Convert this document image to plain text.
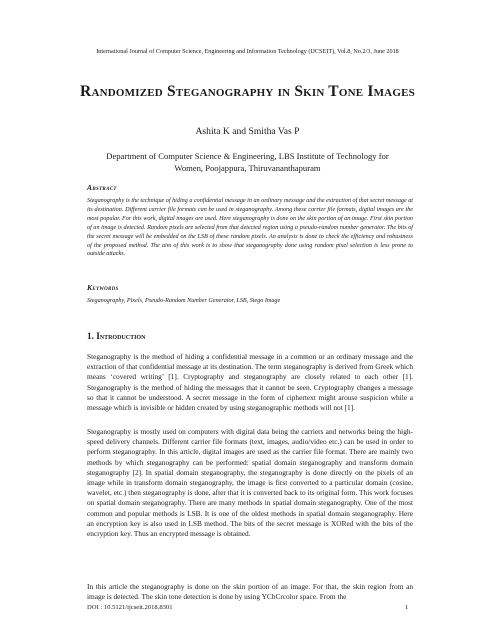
International Journal of Computer Science, Engineering and Information Technology (IJCSEIT), Vol.8, No.2/3, June 2018
Randomized Steganography in Skin Tone Images
Ashita K and Smitha Vas P
Department of Computer Science & Engineering, LBS Institute of Technology for Women, Poojappura, Thiruvananthapuram
Abstract
Steganography is the technique of hiding a confidential message in an ordinary message and the extraction of that secret message at its destination. Different carrier file formats can be used in steganography. Among these carrier file formats, digital images are the most popular. For this work, digital images are used. Here steganography is done on the skin portion of an image. First skin portion of an image is detected. Random pixels are selected from that detected region using a pseudo-random number generator. The bits of the secret message will be embedded on the LSB of these random pixels. An analysis is done to check the efficiency and robustness of the proposed method. The aim of this work is to show that steganography done using random pixel selection is less prone to outside attacks.
Keywords
Steganography, Pixels, Pseudo-Random Number Generator, LSB, Stego Image
1. Introduction
Steganography is the method of hiding a confidential message in a common or an ordinary message and the extraction of that confidential message at its destination. The term steganography is derived from Greek which means ‘covered writing’ [1]. Cryptography and steganography are closely related to each other [1]. Steganography is the method of hiding the messages that it cannot be seen. Cryptography changes a message so that it cannot be understood. A secret message in the form of ciphertext might arouse suspicion while a message which is invisible or hidden created by using steganographic methods will not [1].
Steganography is mostly used on computers with digital data being the carriers and networks being the high-speed delivery channels. Different carrier file formats (text, images, audio/video etc.) can be used in order to perform steganography. In this article, digital images are used as the carrier file format. There are mainly two methods by which steganography can be performed: spatial domain steganography and transform domain steganography [2]. In spatial domain steganography, the steganography is done directly on the pixels of an image while in transform domain steganography, the image is first converted to a particular domain (cosine, wavelet, etc.) then steganography is done, after that it is converted back to its original form. This work focuses on spatial domain steganography. There are many methods in spatial domain steganography. One of the most common and popular methods is LSB. It is one of the oldest methods in spatial domain steganography. Here an encryption key is also used in LSB method. The bits of the secret message is XORed with the bits of the encryption key. Thus an encrypted message is obtained.
In this article the steganography is done on the skin portion of an image. For that, the skin region from an image is detected. The skin tone detection is done by using YCbCrcolor space. From the
DOI : 10.5121/ijcseit.2018.8301	1
